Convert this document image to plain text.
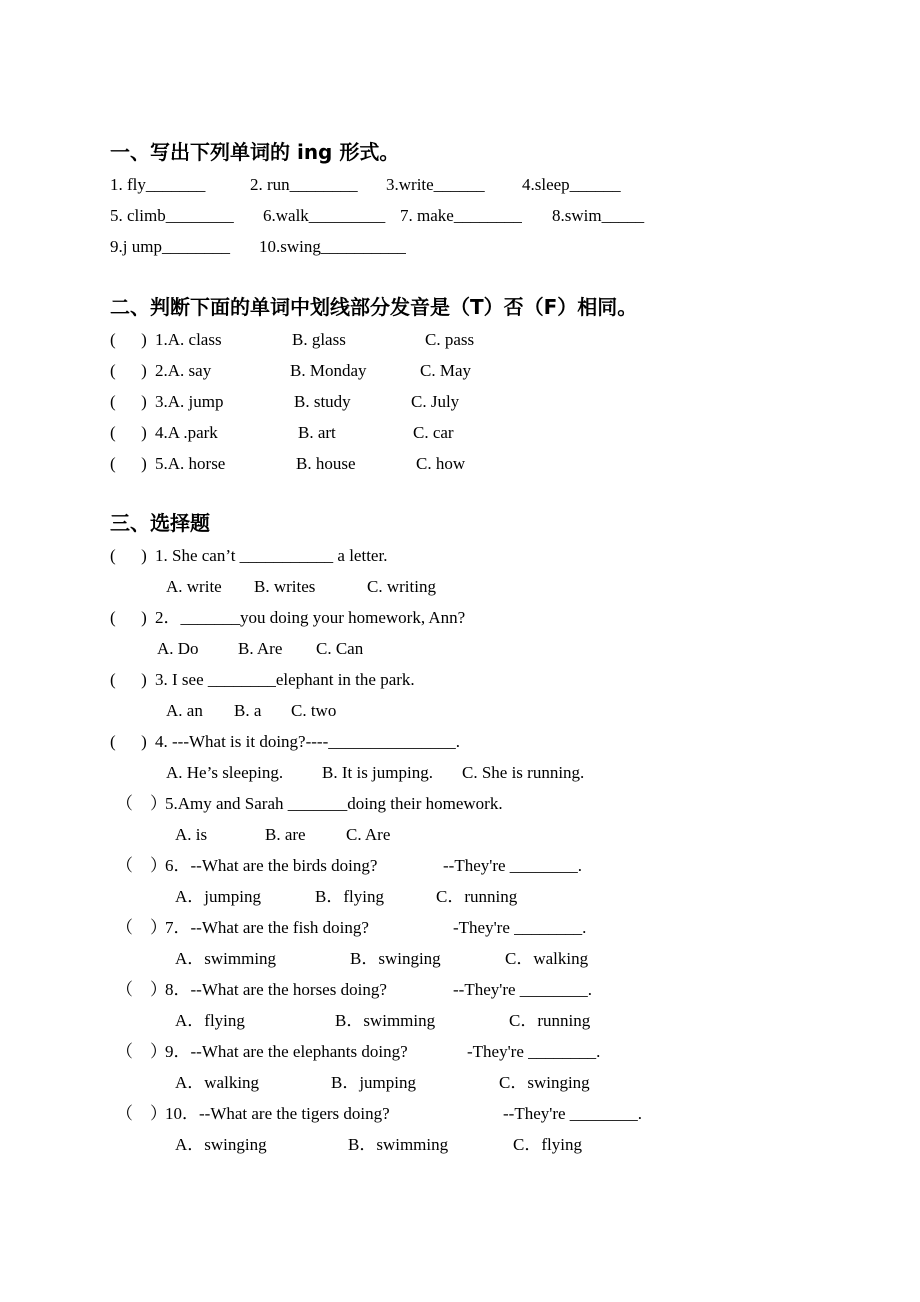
一、写出下列单词的 ing 形式。
1. fly_______	2. run________ 3.write______ 4.sleep______
5. climb________ 6.walk_________ 7. make________ 8.swim_____
9.j ump________ 10.swing__________
二、判断下面的单词中划线部分发音是（T）否（F）相同。
(      ) 1.A. class	B. glass	C. pass
(      ) 2.A. say	B. Monday	C. May
(      ) 3.A. jump	B. study	C. July
(      ) 4.A .park	B. art	C. car
(      ) 5.A. horse	B. house	C. how
三、选择题
(      ) 1. She can’t ___________ a letter.
A. write B. writes	C. writing
(      ) 2．_______you doing your homework, Ann?
A. Do B. Are C. Can
(      ) 3. I see ________elephant in the park.
A. an B. a C. two
(      ) 4. ---What is it doing?----_______________.
A. He’s sleeping. B. It is jumping. C. She is running.
（    ）
5.Amy and Sarah _______doing their homework.
A. is	B. are C. Are
（    ）
6．--What are the birds doing?	--They're ________.
A．jumping	B．flying	C．running
（    ）
7．--What are the fish doing?	-They're ________.
A．swimming	B．swinging	C．walking
（    ）
8．--What are the horses doing?	--They're ________.
A．flying	B．swimming	C．running
（    ）
9．--What are the elephants doing?	-They're ________.
A．walking	B．jumping	C．swinging
（    ）
10．--What are the tigers doing?	--They're ________.
A．swinging	B．swimming	C．flying
